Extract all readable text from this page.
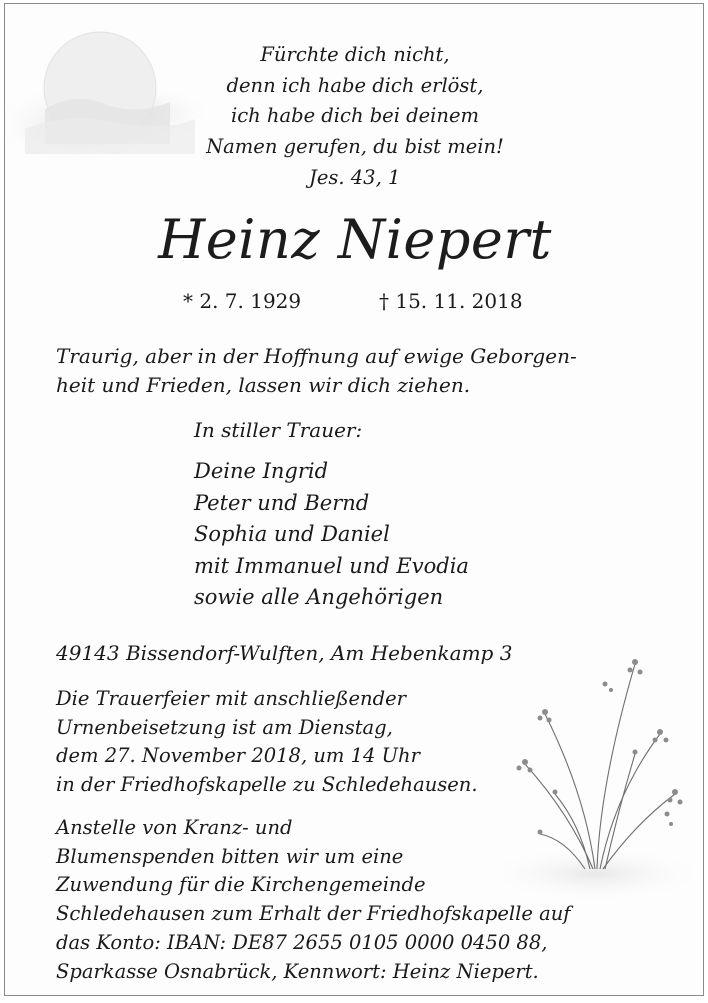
Fürchte dich nicht,
denn ich habe dich erlöst,
ich habe dich bei deinem
Namen gerufen, du bist mein!
Jes. 43, 1
Heinz Niepert
* 2. 7. 1929	† 15. 11. 2018
Traurig, aber in der Hoffnung auf ewige Geborgen-
heit und Frieden, lassen wir dich ziehen.
In stiller Trauer:
Deine Ingrid
Peter und Bernd
Sophia und Daniel
mit Immanuel und Evodia
sowie alle Angehörigen
49143 Bissendorf-Wulften, Am Hebenkamp 3
Die Trauerfeier mit anschließender
Urnenbeisetzung ist am Dienstag,
dem 27. November 2018, um 14 Uhr
in der Friedhofskapelle zu Schledehausen.
Anstelle von Kranz- und
Blumenspenden bitten wir um eine
Zuwendung für die Kirchengemeinde
Schledehausen zum Erhalt der Friedhofskapelle auf
das Konto: IBAN: DE87 2655 0105 0000 0450 88,
Sparkasse Osnabrück, Kennwort: Heinz Niepert.
